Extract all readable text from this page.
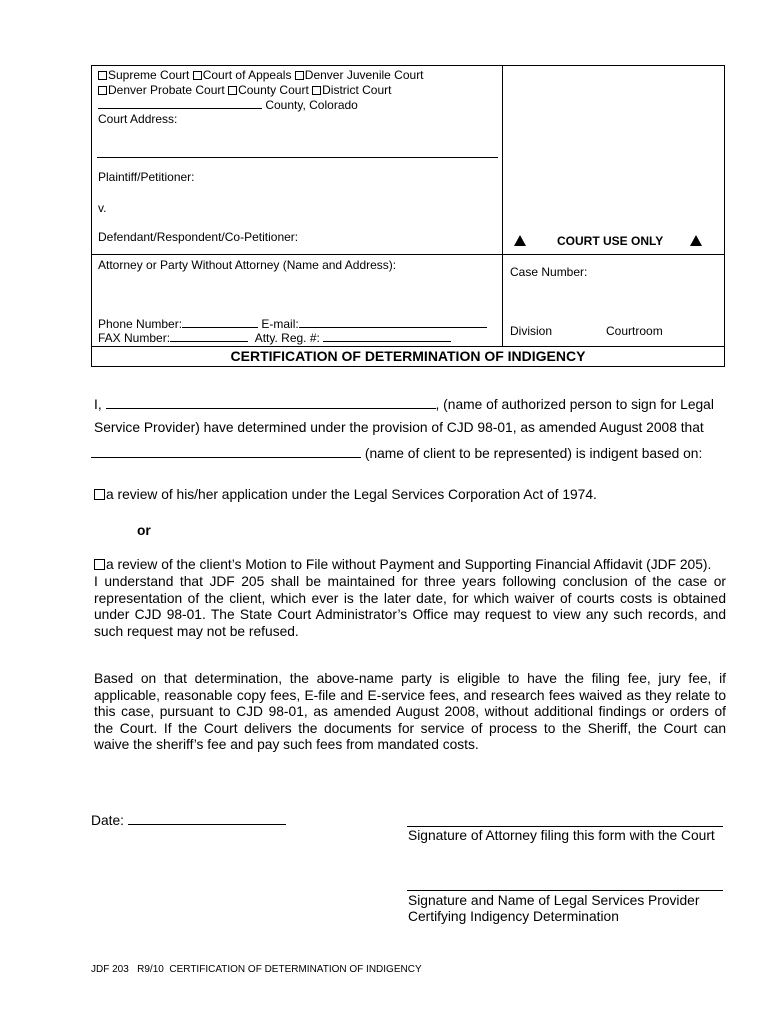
Supreme Court Court of Appeals Denver Juvenile Court
Denver Probate Court County Court District Court
County, Colorado
Court Address:
Plaintiff/Petitioner:
v.
Defendant/Respondent/Co-Petitioner:	COURT USE ONLY
Attorney or Party Without Attorney (Name and Address):	Case Number:
Phone Number:	E-mail:
FAX Number:	Atty. Reg. #:	Division	Courtroom
CERTIFICATION OF DETERMINATION OF INDIGENCY
I,	, (name of authorized person to sign for Legal
Service Provider) have determined under the provision of CJD 98-01, as amended August 2008 that
(name of client to be represented) is indigent based on:
a review of his/her application under the Legal Services Corporation Act of 1974.
or
a review of the client’s Motion to File without Payment and Supporting Financial Affidavit (JDF 205).
I understand that JDF 205 shall be maintained for three years following conclusion of the case or
representation of the client, which ever is the later date, for which waiver of courts costs is obtained
under CJD 98-01. The State Court Administrator’s Office may request to view any such records, and
such request may not be refused.
Based on that determination, the above-name party is eligible to have the filing fee, jury fee, if
applicable, reasonable copy fees, E-file and E-service fees, and research fees waived as they relate to
this case, pursuant to CJD 98-01, as amended August 2008, without additional findings or orders of
the Court. If the Court delivers the documents for service of process to the Sheriff, the Court can
waive the sheriff’s fee and pay such fees from mandated costs.
Date:
Signature of Attorney filing this form with the Court
Signature and Name of Legal Services Provider
Certifying Indigency Determination
JDF 203 R9/10 CERTIFICATION OF DETERMINATION OF INDIGENCY
